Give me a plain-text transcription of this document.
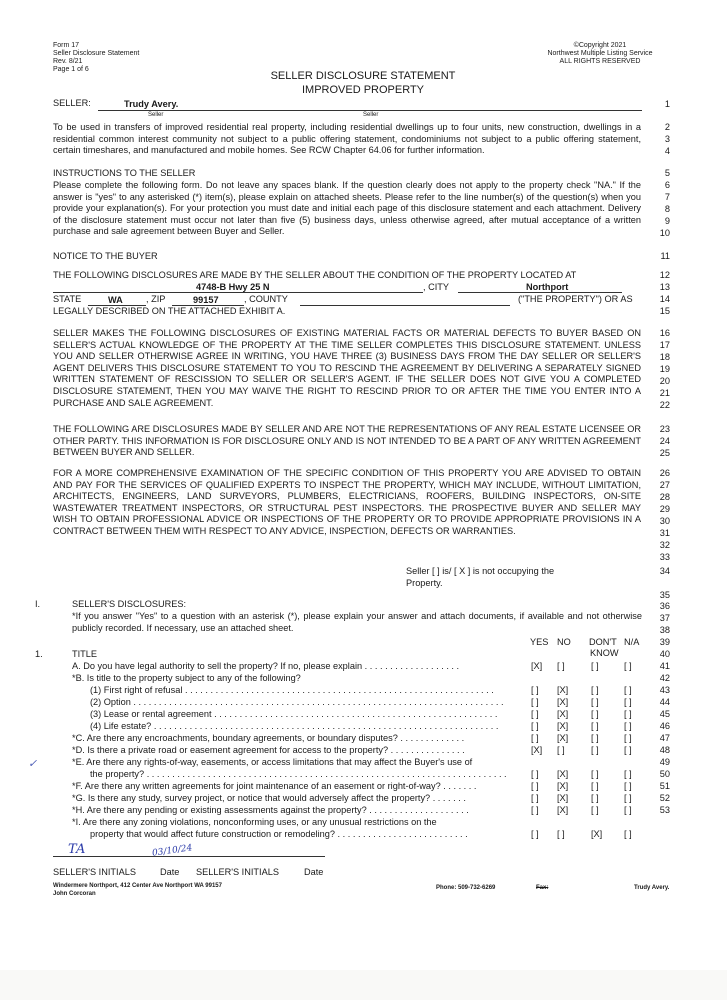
Form 17
Seller Disclosure Statement
Rev. 8/21
Page 1 of 6
©Copyright 2021
Northwest Multiple Listing Service
ALL RIGHTS RESERVED
SELLER DISCLOSURE STATEMENT
IMPROVED PROPERTY
SELLER:	Trudy Avery.
Seller	Seller
To be used in transfers of improved residential real property, including residential dwellings up to four units, new construction, dwellings in a residential common interest community not subject to a public offering statement, condominiums not subject to a public offering statement, certain timeshares, and manufactured and mobile homes. See RCW Chapter 64.06 for further information.
INSTRUCTIONS TO THE SELLER
Please complete the following form. Do not leave any spaces blank. If the question clearly does not apply to the property check "NA." If the answer is "yes" to any asterisked (*) item(s), please explain on attached sheets. Please refer to the line number(s) of the question(s) when you provide your explanation(s). For your protection you must date and initial each page of this disclosure statement and each attachment. Delivery of the disclosure statement must occur not later than five (5) business days, unless otherwise agreed, after mutual acceptance of a written purchase and sale agreement between Buyer and Seller.
NOTICE TO THE BUYER
THE FOLLOWING DISCLOSURES ARE MADE BY THE SELLER ABOUT THE CONDITION OF THE PROPERTY LOCATED AT
4748-B Hwy 25 N	, CITY	Northport
STATE	WA	, ZIP	99157	, COUNTY	("THE PROPERTY") OR AS
LEGALLY DESCRIBED ON THE ATTACHED EXHIBIT A.
SELLER MAKES THE FOLLOWING DISCLOSURES OF EXISTING MATERIAL FACTS OR MATERIAL DEFECTS TO BUYER BASED ON SELLER'S ACTUAL KNOWLEDGE OF THE PROPERTY AT THE TIME SELLER COMPLETES THIS DISCLOSURE STATEMENT. UNLESS YOU AND SELLER OTHERWISE AGREE IN WRITING, YOU HAVE THREE (3) BUSINESS DAYS FROM THE DAY SELLER OR SELLER'S AGENT DELIVERS THIS DISCLOSURE STATEMENT TO YOU TO RESCIND THE AGREEMENT BY DELIVERING A SEPARATELY SIGNED WRITTEN STATEMENT OF RESCISSION TO SELLER OR SELLER'S AGENT. IF THE SELLER DOES NOT GIVE YOU A COMPLETED DISCLOSURE STATEMENT, THEN YOU MAY WAIVE THE RIGHT TO RESCIND PRIOR TO OR AFTER THE TIME YOU ENTER INTO A PURCHASE AND SALE AGREEMENT.
THE FOLLOWING ARE DISCLOSURES MADE BY SELLER AND ARE NOT THE REPRESENTATIONS OF ANY REAL ESTATE LICENSEE OR OTHER PARTY. THIS INFORMATION IS FOR DISCLOSURE ONLY AND IS NOT INTENDED TO BE A PART OF ANY WRITTEN AGREEMENT BETWEEN BUYER AND SELLER.
FOR A MORE COMPREHENSIVE EXAMINATION OF THE SPECIFIC CONDITION OF THIS PROPERTY YOU ARE ADVISED TO OBTAIN AND PAY FOR THE SERVICES OF QUALIFIED EXPERTS TO INSPECT THE PROPERTY, WHICH MAY INCLUDE, WITHOUT LIMITATION, ARCHITECTS, ENGINEERS, LAND SURVEYORS, PLUMBERS, ELECTRICIANS, ROOFERS, BUILDING INSPECTORS, ON-SITE WASTEWATER TREATMENT INSPECTORS, OR STRUCTURAL PEST INSPECTORS. THE PROSPECTIVE BUYER AND SELLER MAY WISH TO OBTAIN PROFESSIONAL ADVICE OR INSPECTIONS OF THE PROPERTY OR TO PROVIDE APPROPRIATE PROVISIONS IN A CONTRACT BETWEEN THEM WITH RESPECT TO ANY ADVICE, INSPECTION, DEFECTS OR WARRANTIES.
Seller [ ] is/ [ X ] is not occupying the
Property.
I.	SELLER'S DISCLOSURES:
*If you answer "Yes" to a question with an asterisk (*), please explain your answer and attach documents, if available and not otherwise publicly recorded. If necessary, use an attached sheet.
YES NO DON'T
KNOW
N/A
1.	TITLE
A. Do you have legal authority to sell the property? If no, please explain . . . . . . . . . . . . . . . . . . .	[X] [ ]	[ ]	[ ]
*B. Is title to the property subject to any of the following?
(1) First right of refusal . . . . . . . . . . . . . . . . . . . . . . . . . . . . . . . . . . . . . . . . . . . . . . . . . . . . . . . . . . . . .	[ ] [X] [ ]	[ ]
(2) Option . . . . . . . . . . . . . . . . . . . . . . . . . . . . . . . . . . . . . . . . . . . . . . . . . . . . . . . . . . . . . . . . . . . . . . . . .	[ ] [X] [ ]	[ ]
(3) Lease or rental agreement . . . . . . . . . . . . . . . . . . . . . . . . . . . . . . . . . . . . . . . . . . . . . . . . . . . . . . . .	[ ] [X] [ ]	[ ]
(4) Life estate? . . . . . . . . . . . . . . . . . . . . . . . . . . . . . . . . . . . . . . . . . . . . . . . . . . . . . . . . . . . . . . . . . . . .	[ ] [X] [ ]	[ ]
*C. Are there any encroachments, boundary agreements, or boundary disputes? . . . . . . . . . . . . .	[ ] [X] [ ]	[ ]
*D. Is there a private road or easement agreement for access to the property? . . . . . . . . . . . . . . .	[X] [ ]	[ ]	[ ]
*E. Are there any rights-of-way, easements, or access limitations that may affect the Buyer's use of
the property? . . . . . . . . . . . . . . . . . . . . . . . . . . . . . . . . . . . . . . . . . . . . . . . . . . . . . . . . . . . . . . . . . . . . . . .	[ ] [X] [ ]	[ ]
*F. Are there any written agreements for joint maintenance of an easement or right-of-way? . . . . . . .	[ ] [X] [ ]	[ ]
*G. Is there any study, survey project, or notice that would adversely affect the property? . . . . . . .	[ ] [X] [ ]	[ ]
*H. Are there any pending or existing assessments against the property? . . . . . . . . . . . . . . . . . . . .	[ ] [X] [ ]	[ ]
*I. Are there any zoning violations, nonconforming uses, or any unusual restrictions on the
property that would affect future construction or remodeling? . . . . . . . . . . . . . . . . . . . . . . . . . .	[ ] [ ]	[X] [ ]
1
2
3
4
5
6
7
8
9
10
11
12
13
14
15
16
17
18
19
20
21
22
23
24
25
26
27
28
29
30
31
32
33
34
35
36
37
38
39
40
41
42
43
44
45
46
47
48
49
50
51
52
53
✓
TA	03/10/24
SELLER'S INITIALS	Date SELLER'S INITIALS	Date
Windermere Northport, 412 Center Ave Northport WA 99157
John Corcoran
Phone: 509-732-6269	Fax:	Trudy Avery.
